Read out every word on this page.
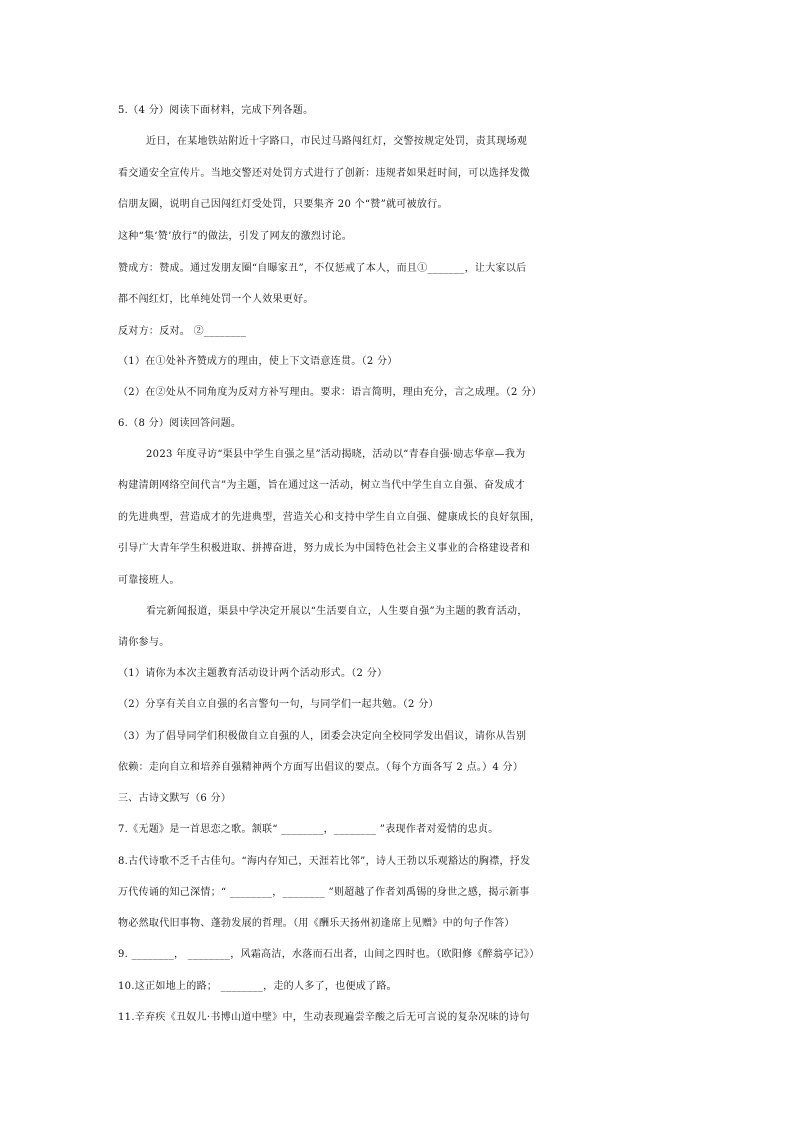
5.（4 分）阅读下面材料，完成下列各题。
近日，在某地铁站附近十字路口，市民过马路闯红灯，交警按规定处罚，责其现场观
看交通安全宣传片。当地交警还对处罚方式进行了创新：违规者如果赶时间，可以选择发微
信朋友圈，说明自己因闯红灯受处罚，只要集齐 20 个“赞”就可被放行。
这种“集‘赞’放行”的做法，引发了网友的激烈讨论。
赞成方：赞成。通过发朋友圈“自曝家丑”，不仅惩戒了本人，而且①_______，让大家以后
都不闯红灯，比单纯处罚一个人效果更好。
反对方：反对。 ②________
（1）在①处补齐赞成方的理由，使上下文语意连贯。（2 分）
（2）在②处从不同角度为反对方补写理由。要求：语言简明，理由充分，言之成理。（2 分）
6.（8 分）阅读回答问题。
2023 年度寻访“渠县中学生自强之星”活动揭晓，活动以“青春自强·励志华章—我为
构建清朗网络空间代言”为主题，旨在通过这一活动，树立当代中学生自立自强、奋发成才
的先进典型，营造成才的先进典型，营造关心和支持中学生自立自强、健康成长的良好氛围，
引导广大青年学生积极进取、拼搏奋进，努力成长为中国特色社会主义事业的合格建设者和
可靠接班人。
看完新闻报道，渠县中学决定开展以“生活要自立，人生要自强”为主题的教育活动，
请你参与。
（1）请你为本次主题教育活动设计两个活动形式。（2 分）
（2）分享有关自立自强的名言警句一句，与同学们一起共勉。（2 分）
（3）为了倡导同学们积极做自立自强的人，团委会决定向全校同学发出倡议，请你从告别
依赖：走向自立和培养自强精神两个方面写出倡议的要点。（每个方面各写 2 点。）4 分）
三、古诗文默写（6 分）
7.《无题》是一首思恋之歌。颔联“ ________，________ ”表现作者对爱情的忠贞。
8.古代诗歌不乏千古佳句。“海内存知己，天涯若比邻”，诗人王勃以乐观豁达的胸襟，抒发
万代传诵的知己深情；“ ________，________ ”则超越了作者刘禹锡的身世之感，揭示新事
物必然取代旧事物、蓬勃发展的哲理。（用《酬乐天扬州初逢席上见赠》中的句子作答）
9. ________， ________，风霜高洁，水落而石出者，山间之四时也。（欧阳修《醉翁亭记》）
10.这正如地上的路； ________，走的人多了，也便成了路。
11.辛弃疾《丑奴儿·书博山道中壁》中，生动表现遍尝辛酸之后无可言说的复杂况味的诗句
